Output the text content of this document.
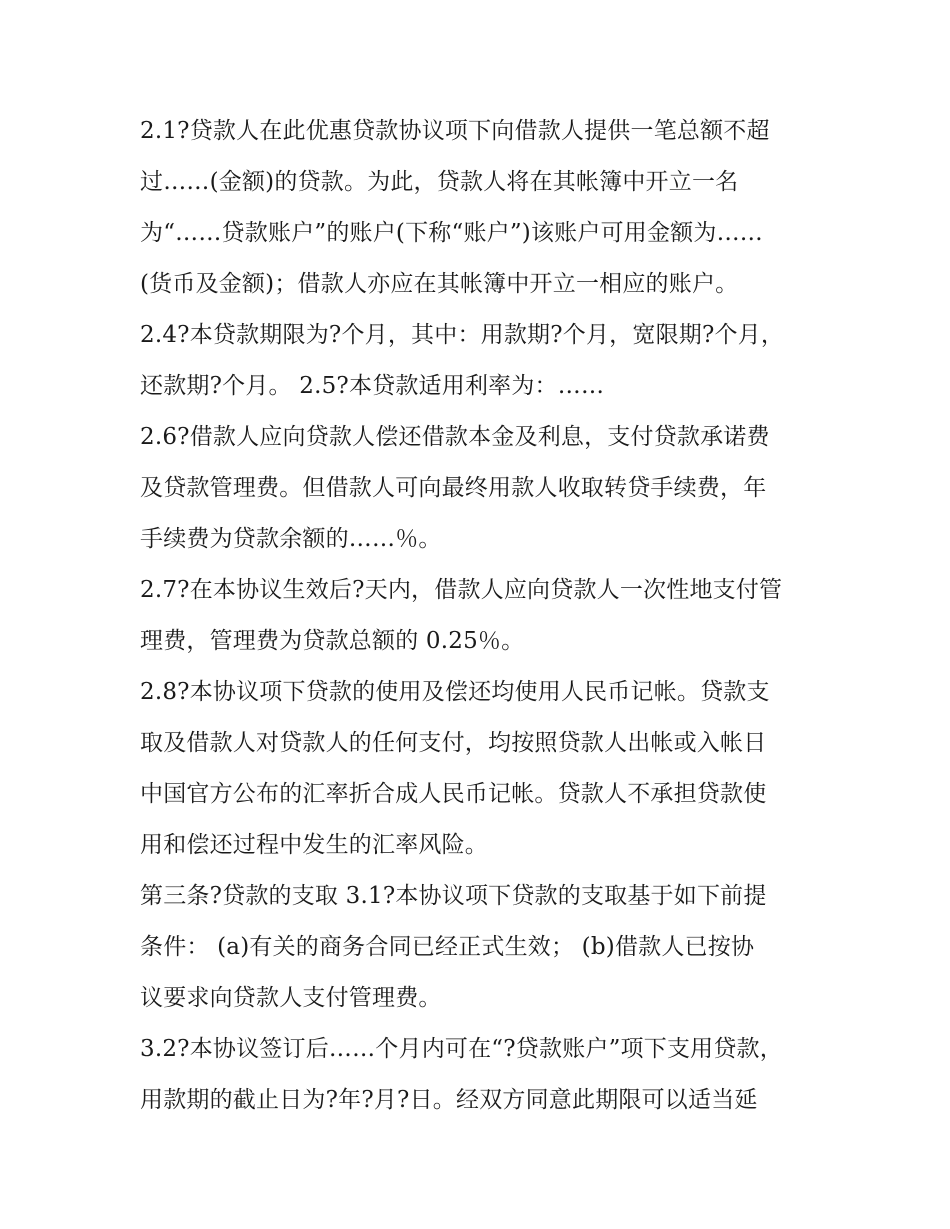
2.1?贷款人在此优惠贷款协议项下向借款人提供一笔总额不超
过……(金额)的贷款。为此，贷款人将在其帐簿中开立一名
为“……贷款账户”的账户(下称“账户”)该账户可用金额为……
(货币及金额)；借款人亦应在其帐簿中开立一相应的账户。
2.4?本贷款期限为?个月，其中：用款期?个月，宽限期?个月，
还款期?个月。 2.5?本贷款适用利率为：……
2.6?借款人应向贷款人偿还借款本金及利息，支付贷款承诺费
及贷款管理费。但借款人可向最终用款人收取转贷手续费，年
手续费为贷款余额的……％。
2.7?在本协议生效后?天内，借款人应向贷款人一次性地支付管
理费，管理费为贷款总额的 0.25％。
2.8?本协议项下贷款的使用及偿还均使用人民币记帐。贷款支
取及借款人对贷款人的任何支付，均按照贷款人出帐或入帐日
中国官方公布的汇率折合成人民币记帐。贷款人不承担贷款使
用和偿还过程中发生的汇率风险。
第三条?贷款的支取 3.1?本协议项下贷款的支取基于如下前提
条件： (a)有关的商务合同已经正式生效； (b)借款人已按协
议要求向贷款人支付管理费。
3.2?本协议签订后……个月内可在“?贷款账户”项下支用贷款，
用款期的截止日为?年?月?日。经双方同意此期限可以适当延
